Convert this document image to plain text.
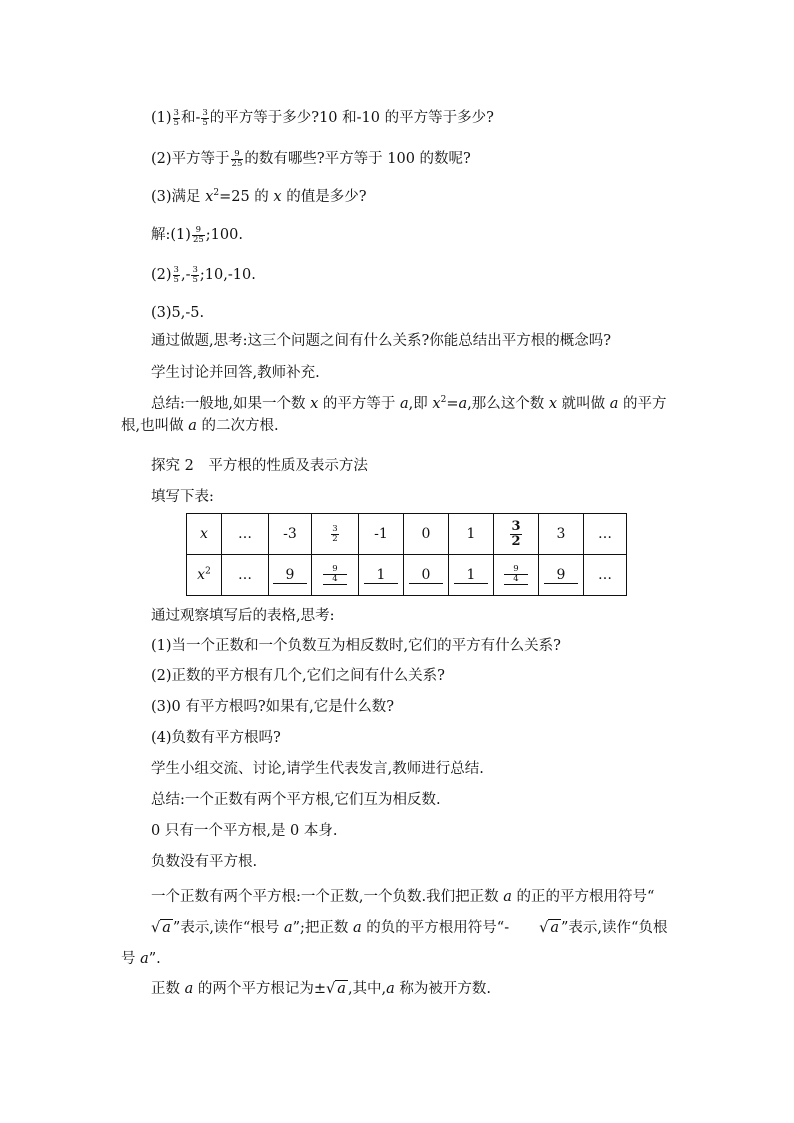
$(1) \frac{3}{5}$ 和- $\frac{3}{5}$ 的平方等于多少?10 和-10 的平方等于多少?
(2)平方等于 $\frac{9}{25}$ 的数有哪些?平方等于 100 的数呢?
(3)满足 $x^2=25$ 的 x 的值是多少?
解:(1) $\frac{9}{25}$ ;100.
$(2) \frac{3}{5}$ ,- $\frac{3}{5}$ ;10,-10.
(3)5,-5.
通过做题,思考:这三个问题之间有什么关系?你能总结出平方根的概念吗?
学生讨论并回答,教师补充.
总结:一般地,如果一个数 x 的平方等于 a,即 $x^2=a$,那么这个数 x 就叫做 a 的平方根,也叫做 a 的二次方根.
探究 2　平方根的性质及表示方法
填写下表:
x	…	-3	$\frac{3}{2}$	-1	0	1	$\frac{3}{2}$	3	…
$x^2$	…	9	$\frac{9}{4}$	1	0	1	$\frac{9}{4}$	9	…
通过观察填写后的表格,思考:
(1)当一个正数和一个负数互为相反数时,它们的平方有什么关系?
(2)正数的平方根有几个,它们之间有什么关系?
(3)0 有平方根吗?如果有,它是什么数?
(4)负数有平方根吗?
学生小组交流、讨论,请学生代表发言,教师进行总结.
总结:一个正数有两个平方根,它们互为相反数.
0 只有一个平方根,是 0 本身.
负数没有平方根.
一个正数有两个平方根:一个正数,一个负数.我们把正数 a 的正的平方根用符号“√ a ”表示,读作“根号 a”;把正数 a 的负的平方根用符号“- √ a ”表示,读作“负根号 a”.
正数 a 的两个平方根记为±√ a ,其中,a 称为被开方数.
